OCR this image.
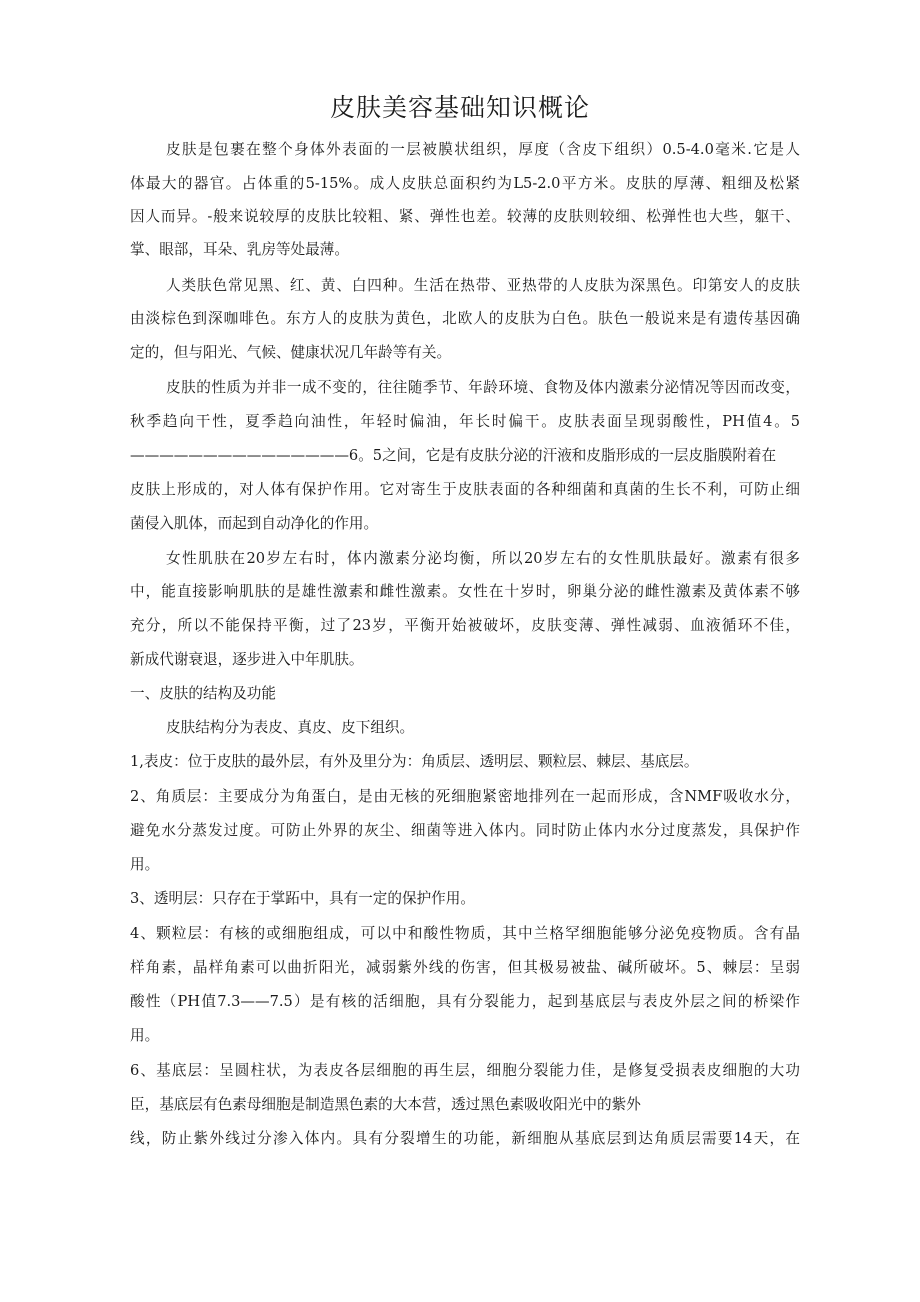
皮肤美容基础知识概论
皮肤是包裹在整个身体外表面的一层被膜状组织，厚度（含皮下组织）0.5-4.0毫米.它是人
体最大的器官。占体重的5-15%。成人皮肤总面积约为L5-2.0平方米。皮肤的厚薄、粗细及松紧
因人而异。-般来说较厚的皮肤比较粗、紧、弹性也差。较薄的皮肤则较细、松弹性也大些，躯干、
掌、眼部，耳朵、乳房等处最薄。
人类肤色常见黑、红、黄、白四种。生活在热带、亚热带的人皮肤为深黑色。印第安人的皮肤
由淡棕色到深咖啡色。东方人的皮肤为黄色，北欧人的皮肤为白色。肤色一般说来是有遗传基因确
定的，但与阳光、气候、健康状况几年龄等有关。
皮肤的性质为并非一成不变的，往往随季节、年龄环境、食物及体内激素分泌情况等因而改变，
秋季趋向干性，夏季趋向油性，年轻时偏油，年长时偏干。皮肤表面呈现弱酸性，PH值4。5
———————————————6。5之间，它是有皮肤分泌的汗液和皮脂形成的一层皮脂膜附着在
皮肤上形成的，对人体有保护作用。它对寄生于皮肤表面的各种细菌和真菌的生长不利，可防止细
菌侵入肌体，而起到自动净化的作用。
女性肌肤在20岁左右时，体内激素分泌均衡，所以20岁左右的女性肌肤最好。激素有很多
中，能直接影响肌肤的是雄性激素和雌性激素。女性在十岁时，卵巢分泌的雌性激素及黄体素不够
充分，所以不能保持平衡，过了23岁，平衡开始被破坏，皮肤变薄、弹性减弱、血液循环不佳，
新成代谢衰退，逐步进入中年肌肤。
一、皮肤的结构及功能
皮肤结构分为表皮、真皮、皮下组织。
1,表皮：位于皮肤的最外层，有外及里分为：角质层、透明层、颗粒层、棘层、基底层。
2、角质层：主要成分为角蛋白，是由无核的死细胞紧密地排列在一起而形成，含NMF吸收水分，
避免水分蒸发过度。可防止外界的灰尘、细菌等进入体内。同时防止体内水分过度蒸发，具保护作
用。
3、透明层：只存在于掌跖中，具有一定的保护作用。
4、颗粒层：有核的或细胞组成，可以中和酸性物质，其中兰格罕细胞能够分泌免疫物质。含有晶
样角素，晶样角素可以曲折阳光，减弱紫外线的伤害，但其极易被盐、碱所破坏。5、棘层：呈弱
酸性（PH值7.3——7.5）是有核的活细胞，具有分裂能力，起到基底层与表皮外层之间的桥梁作
用。
6、基底层：呈圆柱状，为表皮各层细胞的再生层，细胞分裂能力佳，是修复受损表皮细胞的大功
臣，基底层有色素母细胞是制造黑色素的大本营，透过黑色素吸收阳光中的紫外
线，防止紫外线过分渗入体内。具有分裂增生的功能，新细胞从基底层到达角质层需要14天，在
